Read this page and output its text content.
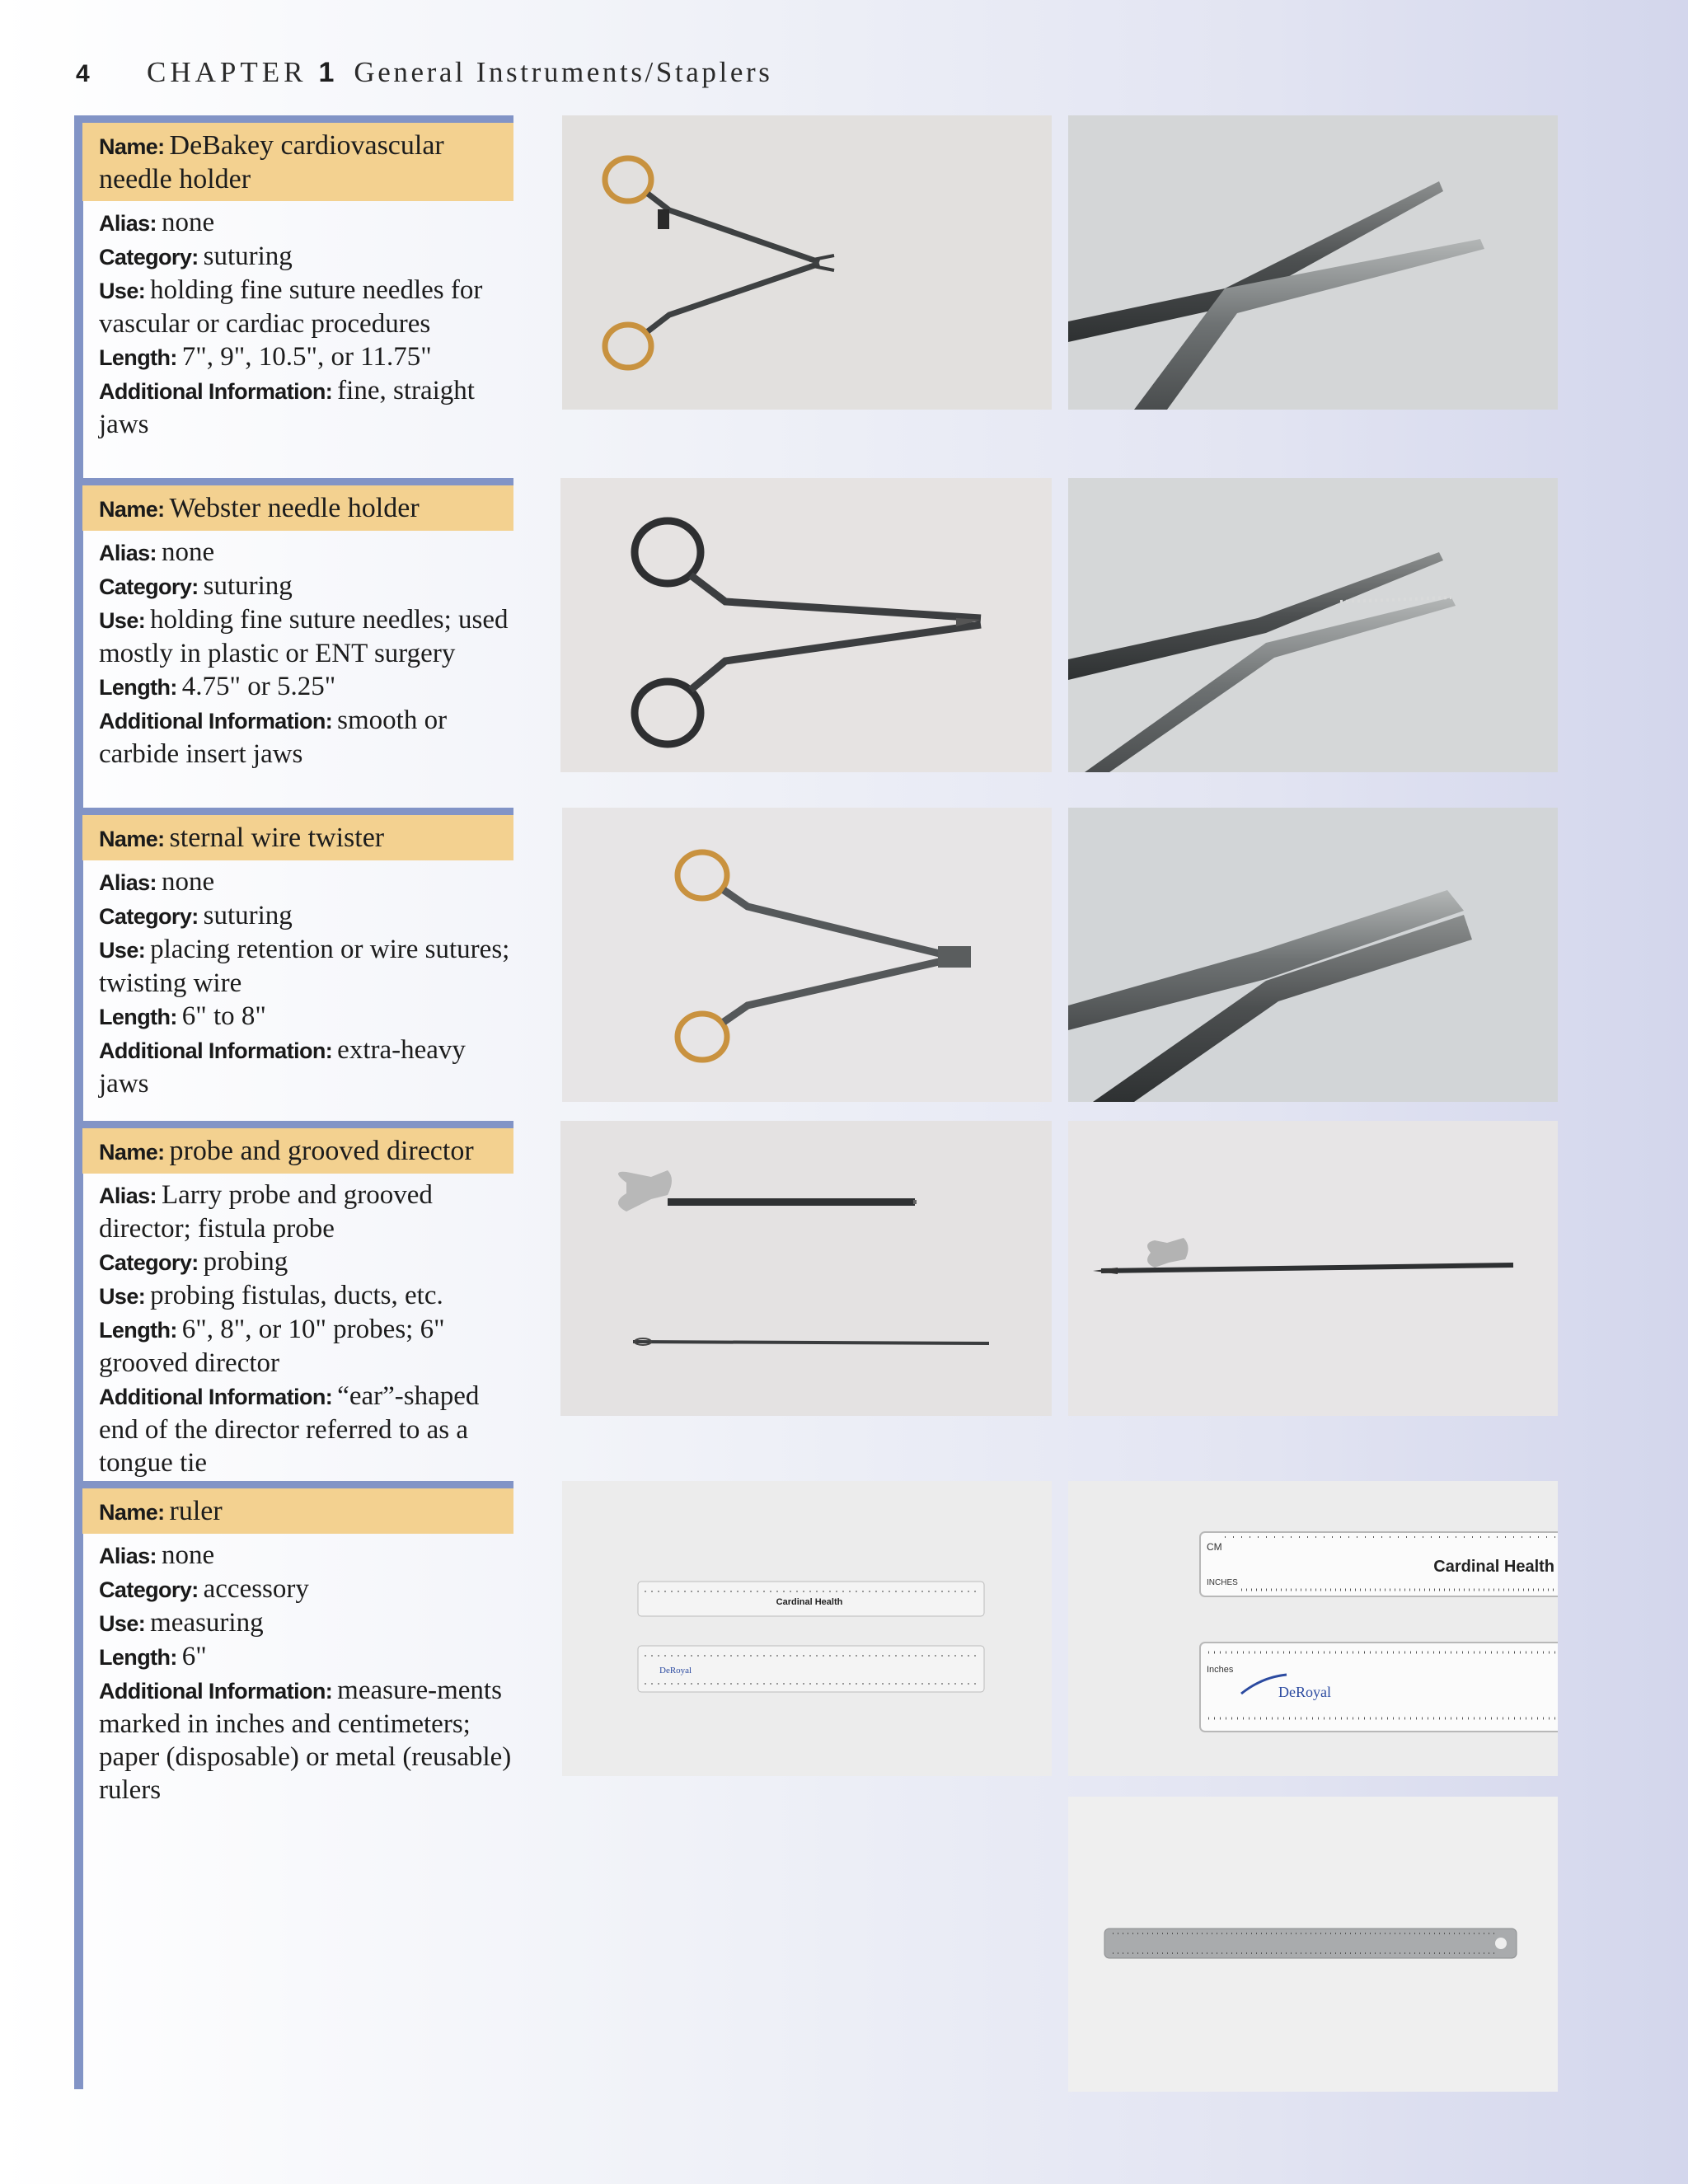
4	CHAPTER 1 General Instruments/Staplers
Name: DeBakey cardiovascular needle holder
Alias: none
Category: suturing
Use: holding fine suture needles for vascular or cardiac procedures
Length: 7", 9", 10.5", or 11.75"
Additional Information: fine, straight jaws
Name: Webster needle holder
Alias: none
Category: suturing
Use: holding fine suture needles; used mostly in plastic or ENT surgery
Length: 4.75" or 5.25"
Additional Information: smooth or carbide insert jaws
Name: sternal wire twister
Alias: none
Category: suturing
Use: placing retention or wire sutures; twisting wire
Length: 6" to 8"
Additional Information: extra-heavy jaws
Name: probe and grooved director
Alias: Larry probe and grooved director; fistula probe
Category: probing
Use: probing fistulas, ducts, etc.
Length: 6", 8", or 10" probes; 6" grooved director
Additional Information: “ear”-shaped end of the director referred to as a tongue tie
Name: ruler
Alias: none
Category: accessory
Use: measuring
Length: 6"
Additional Information: measure-ments marked in inches and centimeters; paper (disposable) or metal (reusable) rulers
Cardinal Health
DeRoyal
CM
Cardinal Health
INCHES
Inches
DeRoyal
